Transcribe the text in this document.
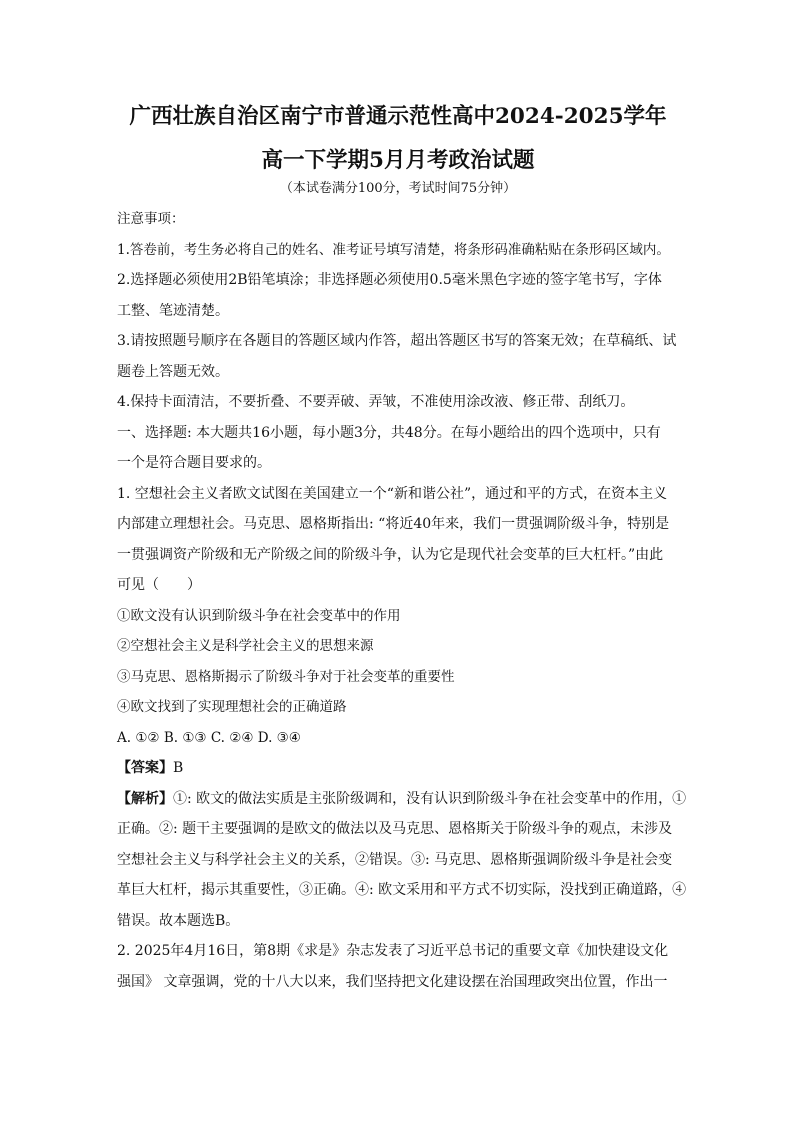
广西壮族自治区南宁市普通示范性高中2024-2025学年
高一下学期5月月考政治试题
（本试卷满分100分，考试时间75分钟）
注意事项：
1.答卷前，考生务必将自己的姓名、准考证号填写清楚，将条形码准确粘贴在条形码区域内。
2.选择题必须使用2B铅笔填涂；非选择题必须使用0.5毫米黑色字迹的签字笔书写，字体
工整、笔迹清楚。
3.请按照题号顺序在各题目的答题区域内作答，超出答题区书写的答案无效；在草稿纸、试
题卷上答题无效。
4.保持卡面清洁，不要折叠、不要弄破、弄皱，不准使用涂改液、修正带、刮纸刀。
一、选择题: 本大题共16小题，每小题3分，共48分。在每小题给出的四个选项中，只有
一个是符合题目要求的。
1. 空想社会主义者欧文试图在美国建立一个“新和谐公社”，通过和平的方式，在资本主义
内部建立理想社会。马克思、恩格斯指出: “将近40年来，我们一贯强调阶级斗争，特别是
一贯强调资产阶级和无产阶级之间的阶级斗争，认为它是现代社会变革的巨大杠杆。”由此
可见（　　）
①欧文没有认识到阶级斗争在社会变革中的作用
②空想社会主义是科学社会主义的思想来源
③马克思、恩格斯揭示了阶级斗争对于社会变革的重要性
④欧文找到了实现理想社会的正确道路
A. ①② B. ①③ C. ②④ D. ③④
【答案】B
【解析】①: 欧文的做法实质是主张阶级调和，没有认识到阶级斗争在社会变革中的作用，①
正确。②: 题干主要强调的是欧文的做法以及马克思、恩格斯关于阶级斗争的观点，未涉及
空想社会主义与科学社会主义的关系，②错误。③: 马克思、恩格斯强调阶级斗争是社会变
革巨大杠杆，揭示其重要性，③正确。④: 欧文采用和平方式不切实际，没找到正确道路，④
错误。故本题选B。
2. 2025年4月16日，第8期《求是》杂志发表了习近平总书记的重要文章《加快建设文化
强国》 文章强调，党的十八大以来，我们坚持把文化建设摆在治国理政突出位置，作出一
